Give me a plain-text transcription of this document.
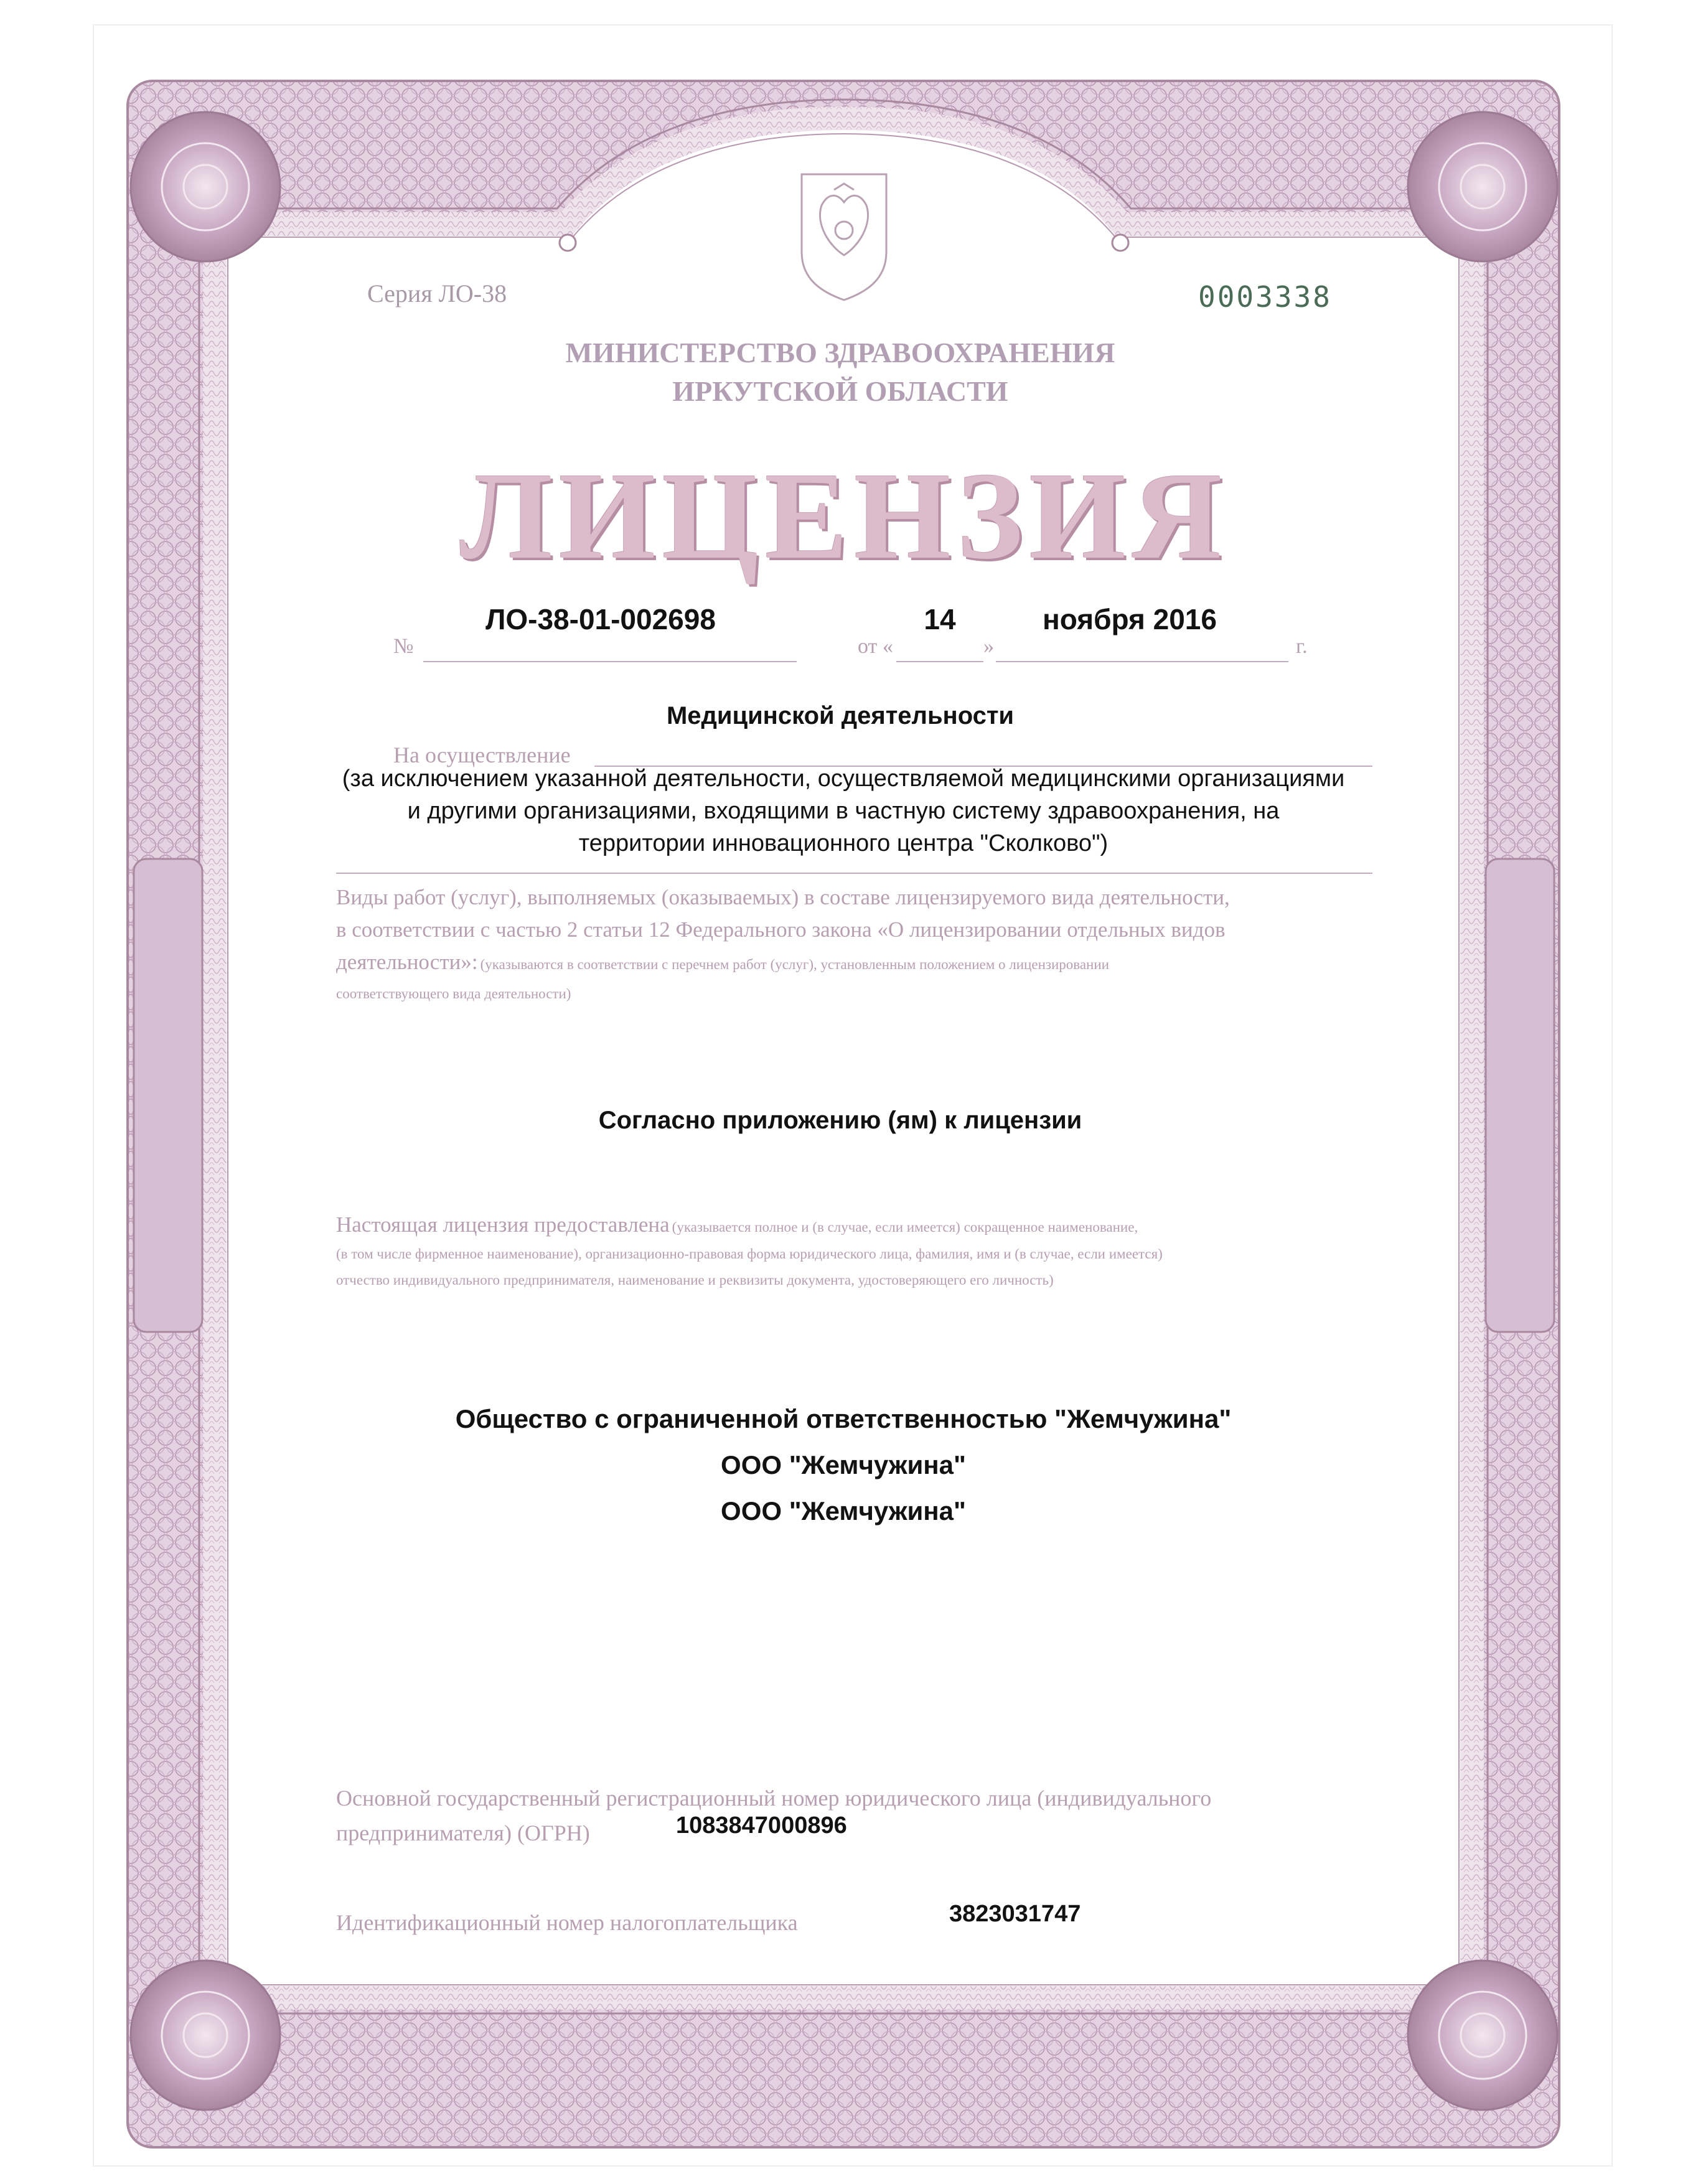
Серия ЛО-38	0003338
МИНИСТЕРСТВО ЗДРАВООХРАНЕНИЯ
ИРКУТСКОЙ ОБЛАСТИ
ЛИЦЕНЗИЯ
№
ЛО-38-01-002698
от «	»	г.
14	ноября 2016
Медицинской деятельности
На осуществление
(за исключением указанной деятельности, осуществляемой медицинскими организациями
и другими организациями, входящими в частную систему здравоохранения, на
территории инновационного центра "Сколково")
Виды работ (услуг), выполняемых (оказываемых) в составе лицензируемого вида деятельности,
в соответствии с частью 2 статьи 12 Федерального закона «О лицензировании отдельных видов
деятельности»: (указываются в соответствии с перечнем работ (услуг), установленным положением о лицензировании
соответствующего вида деятельности)
Согласно приложению (ям) к лицензии
Настоящая лицензия предоставлена (указывается полное и (в случае, если имеется) сокращенное наименование,
(в том числе фирменное наименование), организационно-правовая форма юридического лица, фамилия, имя и (в случае, если имеется)
отчество индивидуального предпринимателя, наименование и реквизиты документа, удостоверяющего его личность)
Общество с ограниченной ответственностью "Жемчужина"
ООО "Жемчужина"
ООО "Жемчужина"
Основной государственный регистрационный номер юридического лица (индивидуального
предпринимателя) (ОГРН)	1083847000896
Идентификационный номер налогоплательщика	3823031747
